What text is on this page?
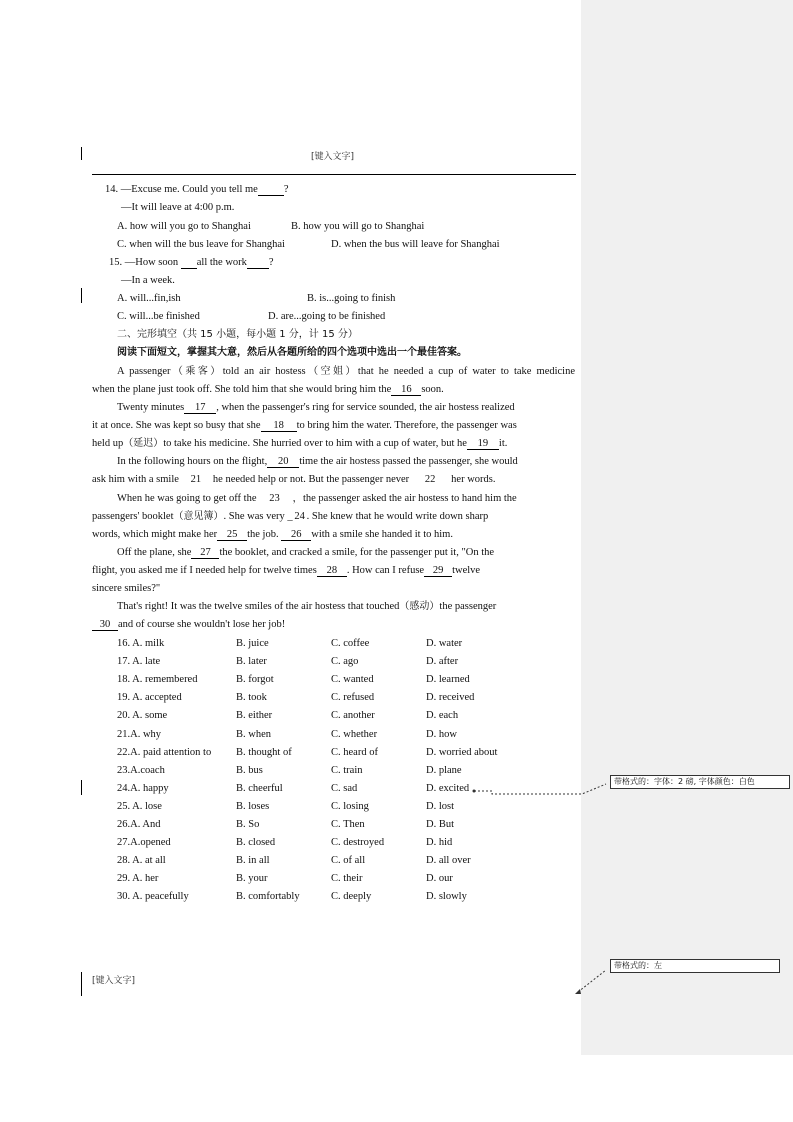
[键入文字]
14. —Excuse me. Could you tell me ?
—It will leave at 4:00 p.m.
A. how will you go to Shanghai	B. how you will go to Shanghai
C. when will the bus leave for Shanghai	D. when the bus will leave for Shanghai
15. —How soon  all the work ?
—In a week.
A. will...fin,ish	B. is...going to finish
C. will...be finished	D. are...going to be finished
二、完形填空（共 15 小题，每小题 1 分，计 15 分）
阅读下面短文，掌握其大意，然后从各题所给的四个选项中选出一个最佳答案。
A passenger（乘客）told an air hostess（空姐）that he needed a cup of water to take medicine
when the plane just took off. She told him that she would bring him the 16 soon.
Twenty minutes 17 , when the passenger's ring for service sounded, the air hostess realized
it at once. She was kept so busy that she 18 to bring him the water. Therefore, the passenger was
held up（延迟）to take his medicine. She hurried over to him with a cup of water, but he 19 it.
In the following hours on the flight, 20 time the air hostess passed the passenger, she would
ask him with a smile 21 he needed help or not. But the passenger never 22 her words.
When he was going to get off the 23 ，the passenger asked the air hostess to hand him the
passengers' booklet（意见簿）. She was very _ 24 . She knew that he would write down sharp
words, which might make her 25 the job. 26 with a smile she handed it to him.
Off the plane, she 27 the booklet, and cracked a smile, for the passenger put it, "On the
flight, you asked me if I needed help for twelve times 28 . How can I refuse 29 twelve
sincere smiles?"
That's right! It was the twelve smiles of the air hostess that touched（感动）the passenger
30 and of course she wouldn't lose her job!
16. A. milk	B. juice	C. coffee	D. water
17. A. late	B. later	C. ago	D. after
18. A. remembered	B. forgot	C. wanted	D. learned
19. A. accepted	B. took	C. refused	D. received
20. A. some	B. either	C. another	D. each
21.A. why	B. when	C. whether	D. how
22.A. paid attention to B. thought of	C. heard of	D. worried about
23.A.coach	B. bus	C. train	D. plane
24.A. happy	B. cheerful	C. sad	D. excited
25. A. lose	B. loses	C. losing	D. lost
26.A. And	B. So	C. Then	D. But
27.A.opened	B. closed	C. destroyed	D. hid
28. A. at all	B. in all	C. of all	D. all over
29. A. her	B. your	C. their	D. our
30. A. peacefully	B. comfortably	C. deeply	D. slowly
[键入文字]
带格式的：字体：2 磅, 字体颜色：白色
带格式的：左
